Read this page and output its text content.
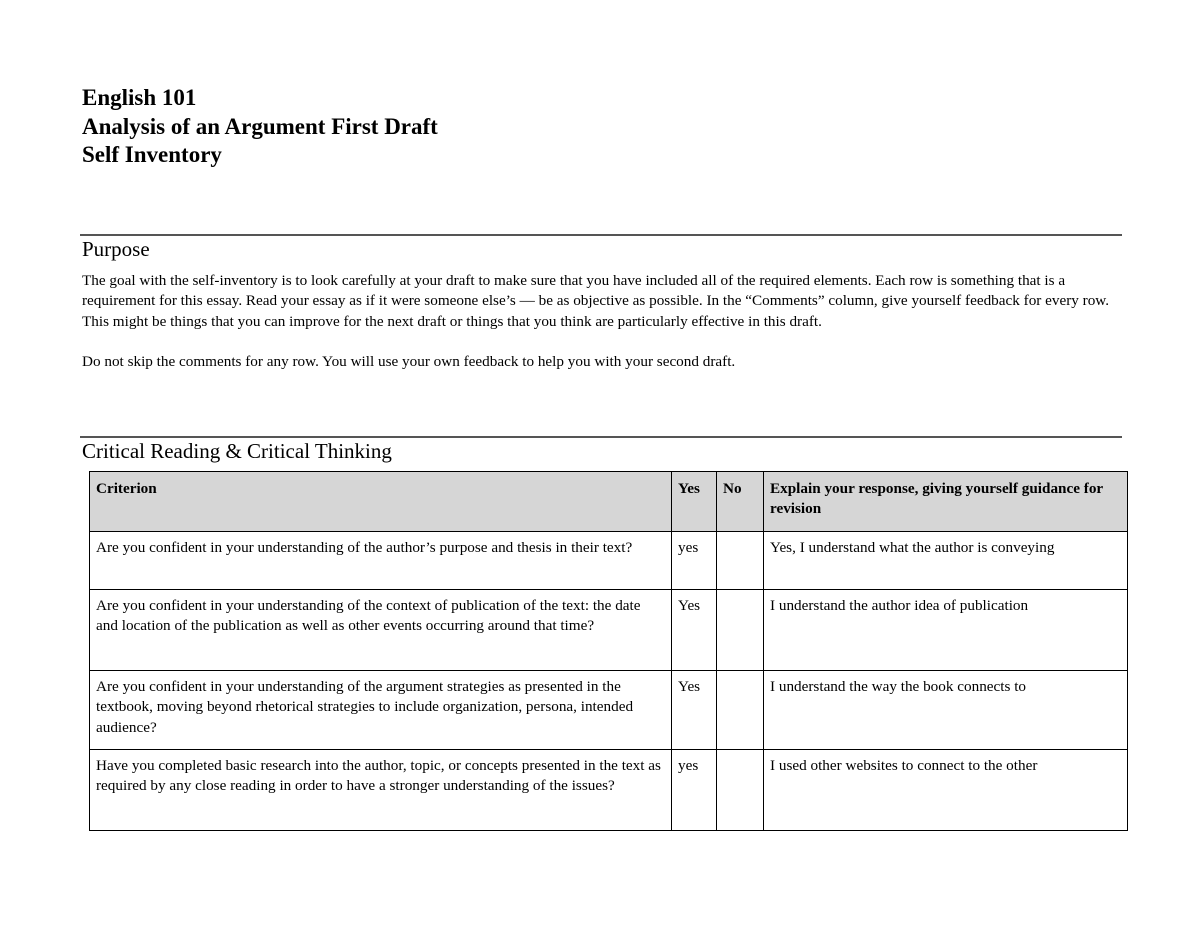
English 101
Analysis of an Argument First Draft
Self Inventory
Purpose

The goal with the self-inventory is to look carefully at your draft to make sure that you have included all of the required elements. Each row is something that is a requirement for this essay. Read your essay as if it were someone else’s — be as objective as possible. In the “Comments” column, give yourself feedback for every row. This might be things that you can improve for the next draft or things that you think are particularly effective in this draft.

Do not skip the comments for any row. You will use your own feedback to help you with your second draft.

Critical Reading & Critical Thinking
Criterion	Yes	No	Explain your response, giving yourself guidance for revision
Are you confident in your understanding of the author’s purpose and thesis in their text?	yes		Yes, I understand what the author is conveying
Are you confident in your understanding of the context of publication of the text: the date and location of the publication as well as other events occurring around that time?	Yes		I understand the author idea of publication
Are you confident in your understanding of the argument strategies as presented in the textbook, moving beyond rhetorical strategies to include organization, persona, intended audience?	Yes		I understand the way the book connects to
Have you completed basic research into the author, topic, or concepts presented in the text as required by any close reading in order to have a stronger understanding of the issues?	yes		I used other websites to connect to the other
